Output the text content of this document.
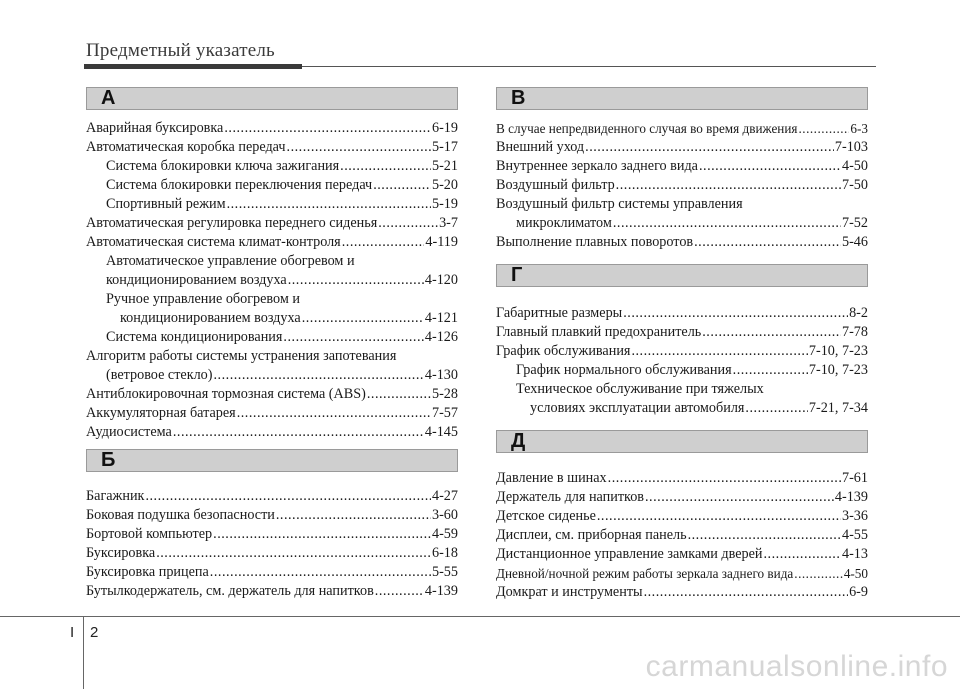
Предметный указатель
А
Аварийная буксировка .....	6-19
Автоматическая коробка передач .....	5-17
Система блокировки ключа зажигания .....	5-21
Система блокировки переключения передач .....	5-20
Спортивный режим .....	5-19
Автоматическая регулировка переднего сиденья .....	3-7
Автоматическая система климат-контроля .....	4-119
Автоматическое управление обогревом и
кондиционированием воздуха .....	4-120
Ручное управление обогревом и
кондиционированием воздуха .....	4-121
Система кондиционирования .....	4-126
Алгоритм работы системы устранения запотевания
(ветровое стекло) .....	4-130
Антиблокировочная тормозная система (ABS) .....	5-28
Аккумуляторная батарея .....	7-57
Аудиосистема .....	4-145
Б
Багажник .....	4-27
Боковая подушка безопасности .....	3-60
Бортовой компьютер .....	4-59
Буксировка .....	6-18
Буксировка прицепа .....	5-55
Бутылкодержатель, см. держатель для напитков .....	4-139
В
В случае непредвиденного случая во время движения .....	6-3
Внешний уход .....	7-103
Внутреннее зеркало заднего вида .....	4-50
Воздушный фильтр .....	7-50
Воздушный фильтр системы управления
микроклиматом .....	7-52
Выполнение плавных поворотов .....	5-46
Г
Габаритные размеры .....	8-2
Главный плавкий предохранитель .....	7-78
График обслуживания .....	7-10, 7-23
График нормального обслуживания .....	7-10, 7-23
Техническое обслуживание при тяжелых
условиях эксплуатации автомобиля .....	7-21, 7-34
Д
Давление в шинах .....	7-61
Держатель для напитков .....	4-139
Детское сиденье .....	3-36
Дисплеи, см. приборная панель .....	4-55
Дистанционное управление замками дверей .....	4-13
Дневной/ночной режим работы зеркала заднего вида .....	4-50
Домкрат и инструменты .....	6-9
I 2
carmanualsonline.info
